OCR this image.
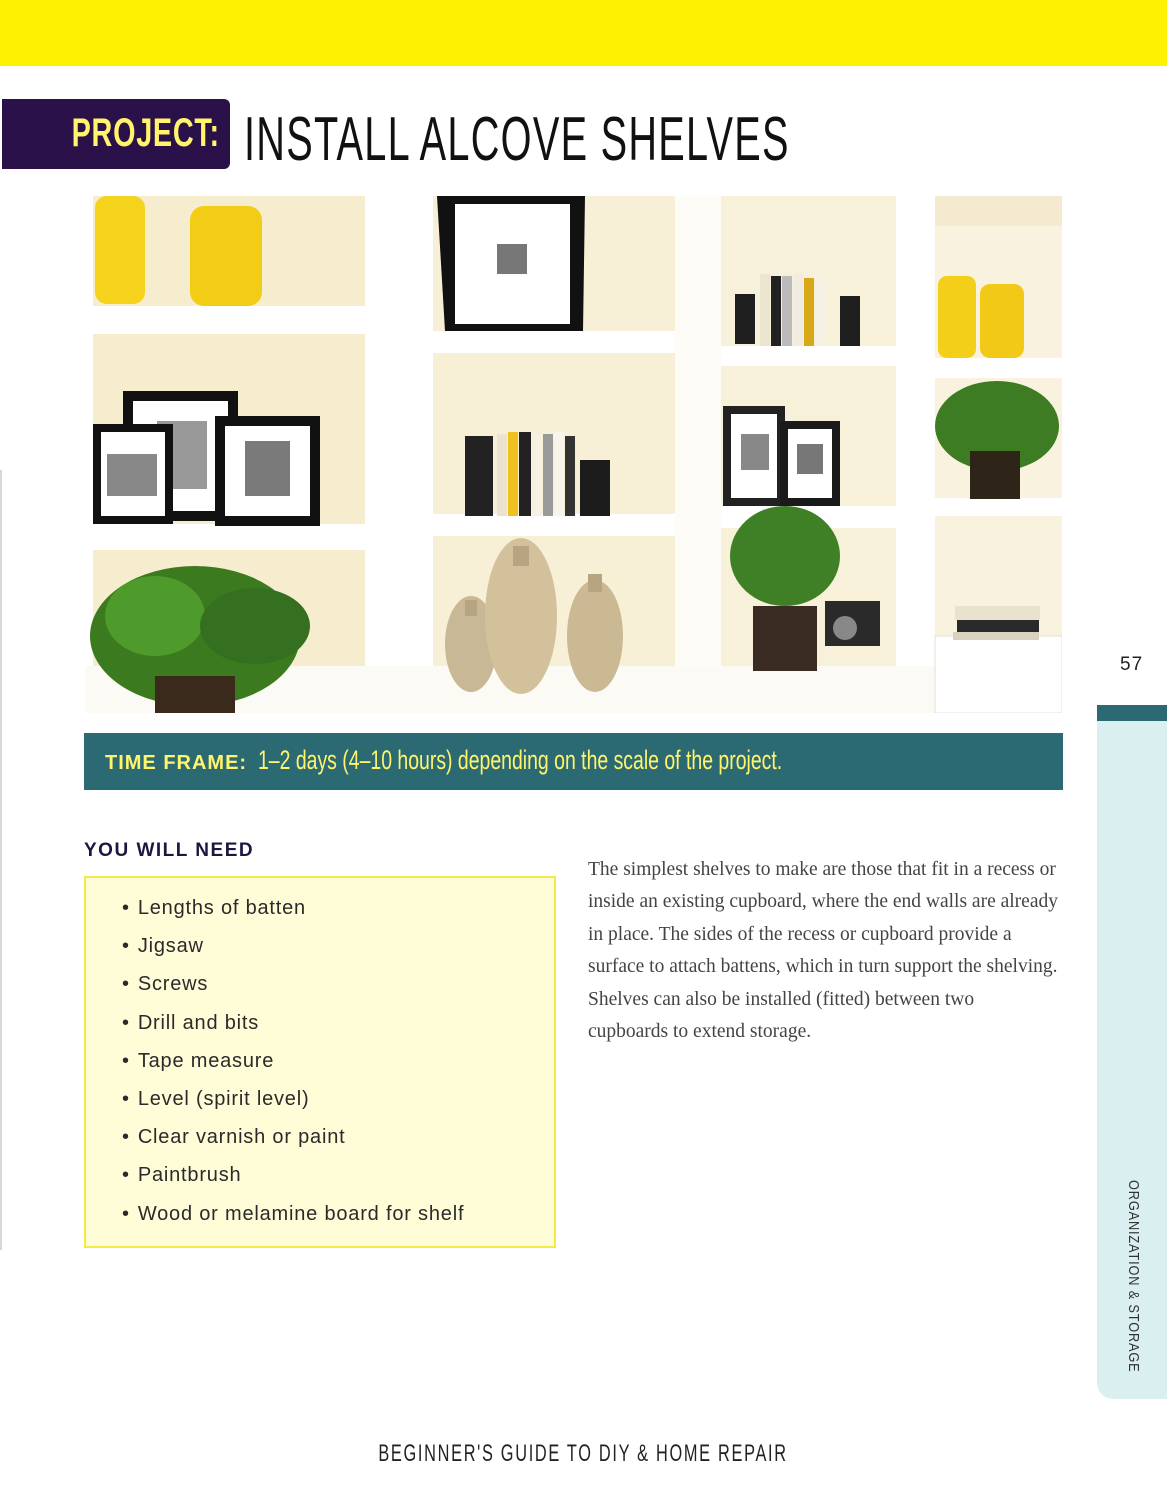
PROJECT: INSTALL ALCOVE SHELVES
TIME FRAME: 1–2 days (4–10 hours) depending on the scale of the project.
YOU WILL NEED
• Lengths of batten
• Jigsaw
• Screws
• Drill and bits
• Tape measure
• Level (spirit level)
• Clear varnish or paint
• Paintbrush
• Wood or melamine board for shelf

The simplest shelves to make are those that fit in a recess or inside an existing cupboard, where the end walls are already in place. The sides of the recess or cupboard provide a surface to attach battens, which in turn support the shelving. Shelves can also be installed (fitted) between two cupboards to extend storage.

57
ORGANIZATION & STORAGE
BEGINNER'S GUIDE TO DIY & HOME REPAIR
